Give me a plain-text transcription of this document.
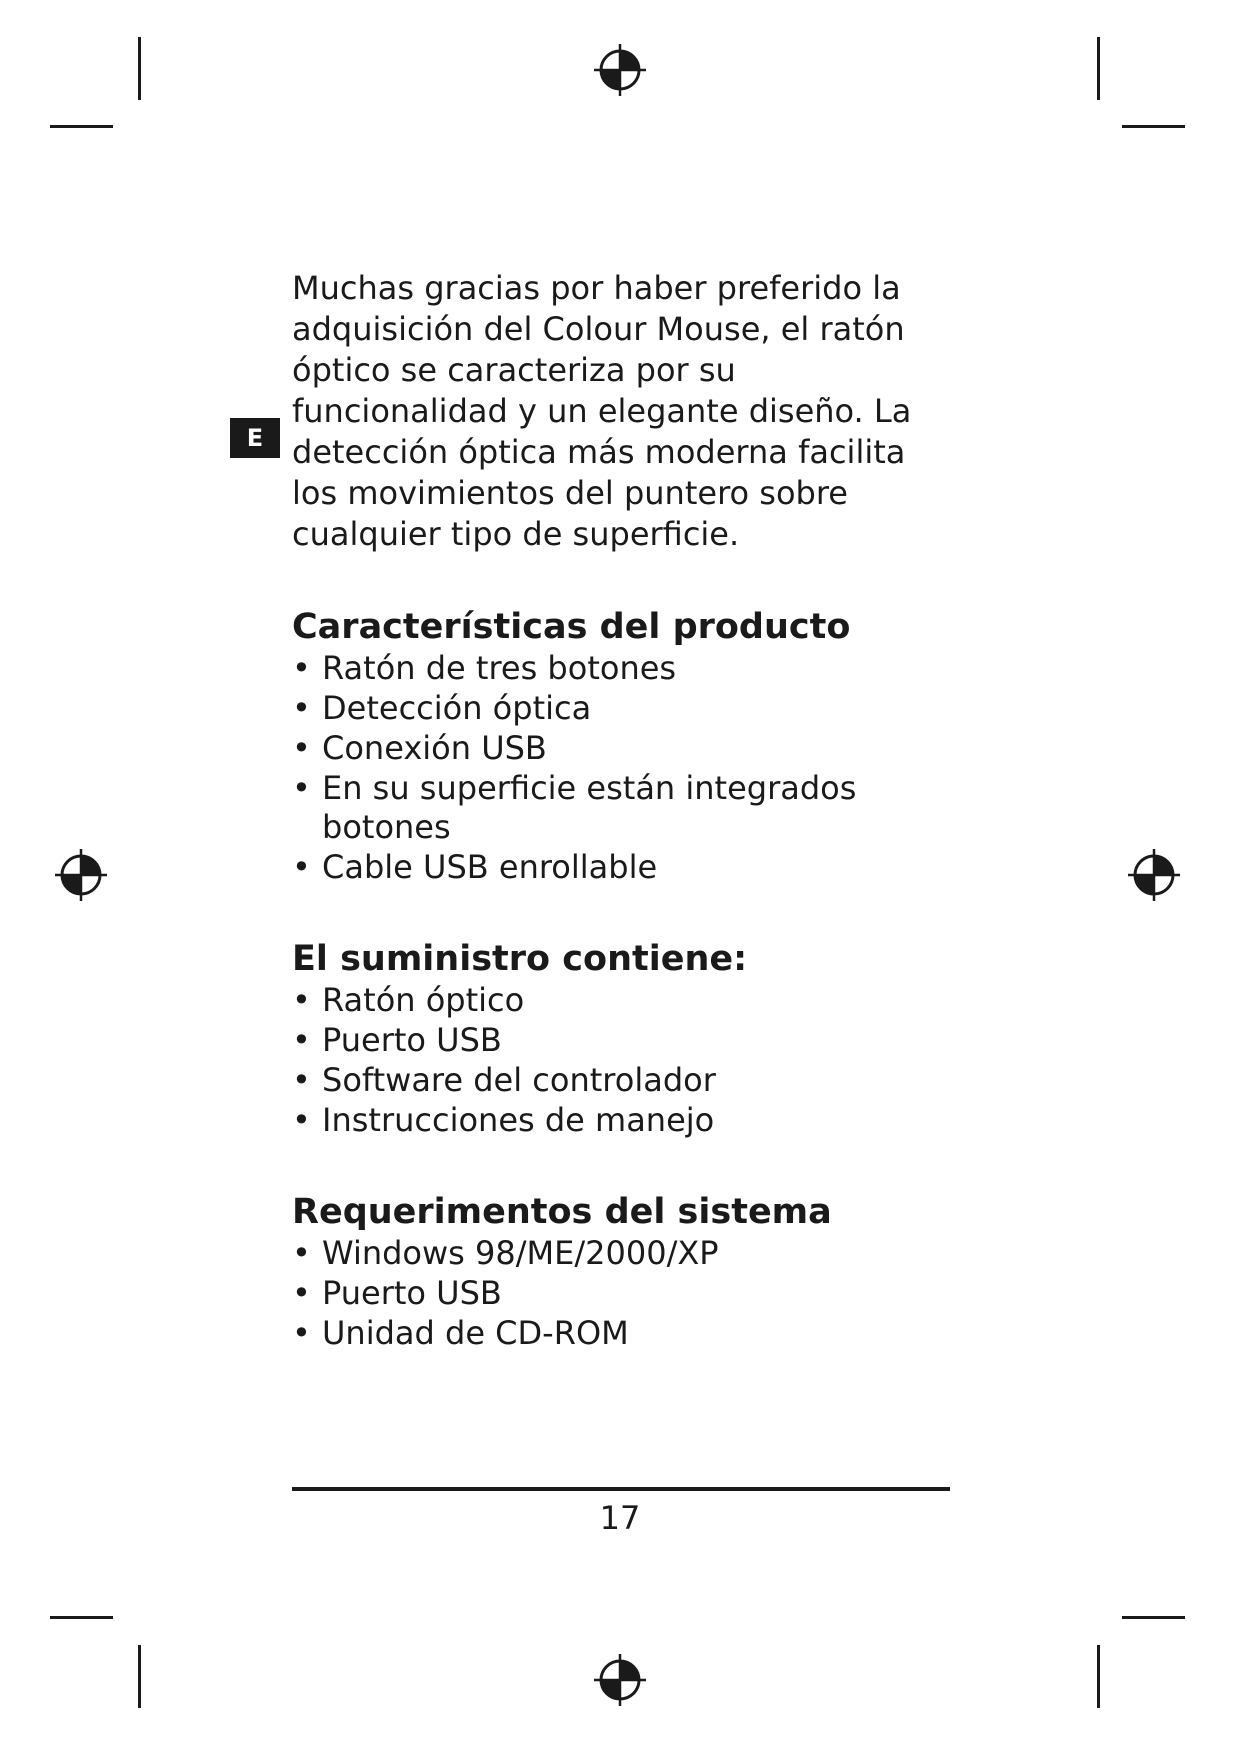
E

Muchas gracias por haber preferido la adquisición del Colour Mouse, el ratón óptico se caracteriza por su funcionalidad y un elegante diseño. La detección óptica más moderna facilita los movimientos del puntero sobre cualquier tipo de superficie.

Características del producto
• Ratón de tres botones
• Detección óptica
• Conexión USB
• En su superficie están integrados botones
• Cable USB enrollable
El suministro contiene:
• Ratón óptico
• Puerto USB
• Software del controlador
• Instrucciones de manejo
Requerimentos del sistema
• Windows 98/ME/2000/XP
• Puerto USB
• Unidad de CD-ROM
17
